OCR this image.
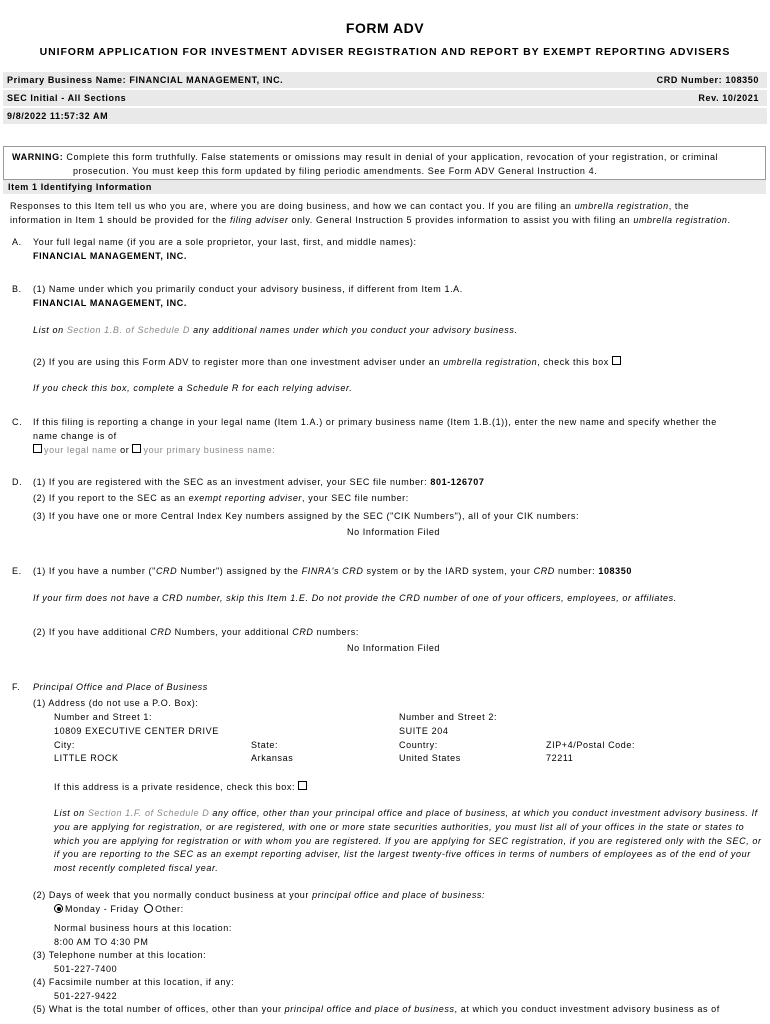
FORM ADV
UNIFORM APPLICATION FOR INVESTMENT ADVISER REGISTRATION AND REPORT BY EXEMPT REPORTING ADVISERS
Primary Business Name: FINANCIAL MANAGEMENT, INC.	CRD Number: 108350
SEC Initial - All Sections	Rev. 10/2021
9/8/2022 11:57:32 AM
WARNING: Complete this form truthfully. False statements or omissions may result in denial of your application, revocation of your registration, or criminal
prosecution. You must keep this form updated by filing periodic amendments. See Form ADV General Instruction 4.
Item 1 Identifying Information
Responses to this Item tell us who you are, where you are doing business, and how we can contact you. If you are filing an umbrella registration, the
information in Item 1 should be provided for the filing adviser only. General Instruction 5 provides information to assist you with filing an umbrella registration.
A. Your full legal name (if you are a sole proprietor, your last, first, and middle names):
FINANCIAL MANAGEMENT, INC.
B. (1) Name under which you primarily conduct your advisory business, if different from Item 1.A.
FINANCIAL MANAGEMENT, INC.
List on Section 1.B. of Schedule D any additional names under which you conduct your advisory business.
(2) If you are using this Form ADV to register more than one investment adviser under an umbrella registration, check this box
If you check this box, complete a Schedule R for each relying adviser.
C. If this filing is reporting a change in your legal name (Item 1.A.) or primary business name (Item 1.B.(1)), enter the new name and specify whether the
name change is of
your legal name or your primary business name:
D. (1) If you are registered with the SEC as an investment adviser, your SEC file number: 801-126707
(2) If you report to the SEC as an exempt reporting adviser, your SEC file number:
(3) If you have one or more Central Index Key numbers assigned by the SEC ("CIK Numbers"), all of your CIK numbers:
No Information Filed
E. (1) If you have a number ("CRD Number") assigned by the FINRA's CRD system or by the IARD system, your CRD number: 108350
If your firm does not have a CRD number, skip this Item 1.E. Do not provide the CRD number of one of your officers, employees, or affiliates.
(2) If you have additional CRD Numbers, your additional CRD numbers:
No Information Filed
F. Principal Office and Place of Business
(1) Address (do not use a P.O. Box):
Number and Street 1:
10809 EXECUTIVE CENTER DRIVE
Number and Street 2:
SUITE 204
City:
LITTLE ROCK
State:
Arkansas
Country:
United States
ZIP+4/Postal Code:
72211
If this address is a private residence, check this box:
List on Section 1.F. of Schedule D any office, other than your principal office and place of business, at which you conduct investment advisory business. If
you are applying for registration, or are registered, with one or more state securities authorities, you must list all of your offices in the state or states to
which you are applying for registration or with whom you are registered. If you are applying for SEC registration, if you are registered only with the SEC, or
if you are reporting to the SEC as an exempt reporting adviser, list the largest twenty-five offices in terms of numbers of employees as of the end of your
most recently completed fiscal year.
(2) Days of week that you normally conduct business at your principal office and place of business:
Monday - Friday Other:
Normal business hours at this location:
8:00 AM TO 4:30 PM
(3) Telephone number at this location:
501-227-7400
(4) Facsimile number at this location, if any:
501-227-9422
(5) What is the total number of offices, other than your principal office and place of business, at which you conduct investment advisory business as of
